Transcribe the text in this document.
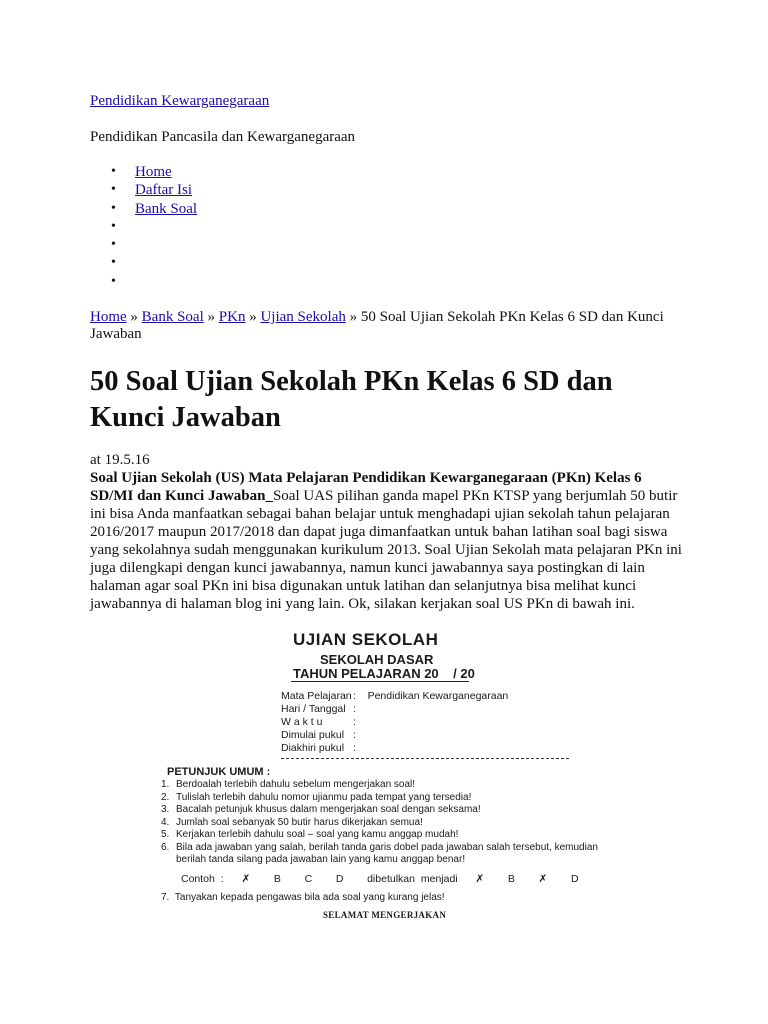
Pendidikan Kewarganegaraan
Pendidikan Pancasila dan Kewarganegaraan
• Home
• Daftar Isi
• Bank Soal
•
•
•
•
Home » Bank Soal » PKn » Ujian Sekolah » 50 Soal Ujian Sekolah PKn Kelas 6 SD dan Kunci Jawaban
50 Soal Ujian Sekolah PKn Kelas 6 SD dan Kunci Jawaban
at 19.5.16
Soal Ujian Sekolah (US) Mata Pelajaran Pendidikan Kewarganegaraan (PKn) Kelas 6 SD/MI dan Kunci Jawaban_Soal UAS pilihan ganda mapel PKn KTSP yang berjumlah 50 butir ini bisa Anda manfaatkan sebagai bahan belajar untuk menghadapi ujian sekolah tahun pelajaran 2016/2017 maupun 2017/2018 dan dapat juga dimanfaatkan untuk bahan latihan soal bagi siswa yang sekolahnya sudah menggunakan kurikulum 2013. Soal Ujian Sekolah mata pelajaran PKn ini juga dilengkapi dengan kunci jawabannya, namun kunci jawabannya saya postingkan di lain halaman agar soal PKn ini bisa digunakan untuk latihan dan selanjutnya bisa melihat kunci jawabannya di halaman blog ini yang lain. Ok, silakan kerjakan soal US PKn di bawah ini.
UJIAN SEKOLAH
SEKOLAH DASAR
TAHUN PELAJARAN 20    / 20
Mata Pelajaran:    Pendidikan Kewarganegaraan
Hari / Tanggal :
W a k t u	:
Dimulai pukul :
Diakhiri pukul :
PETUNJUK UMUM :
1. Berdoalah terlebih dahulu sebelum mengerjakan soal!
2. Tulislah terlebih dahulu nomor ujianmu pada tempat yang tersedia!
3. Bacalah petunjuk khusus dalam mengerjakan soal dengan seksama!
4. Jumlah soal sebanyak 50 butir harus dikerjakan semua!
5. Kerjakan terlebih dahulu soal – soal yang kamu anggap mudah!
6. Bila ada jawaban yang salah, berilah tanda garis dobel pada jawaban salah tersebut, kemudian berilah tanda silang pada jawaban lain yang kamu anggap benar!
Contoh :   ✗    B    C    D    dibetulkan menjadi   ✗    B    ✗    D
7.  Tanyakan kepada pengawas bila ada soal yang kurang jelas!
SELAMAT MENGERJAKAN
